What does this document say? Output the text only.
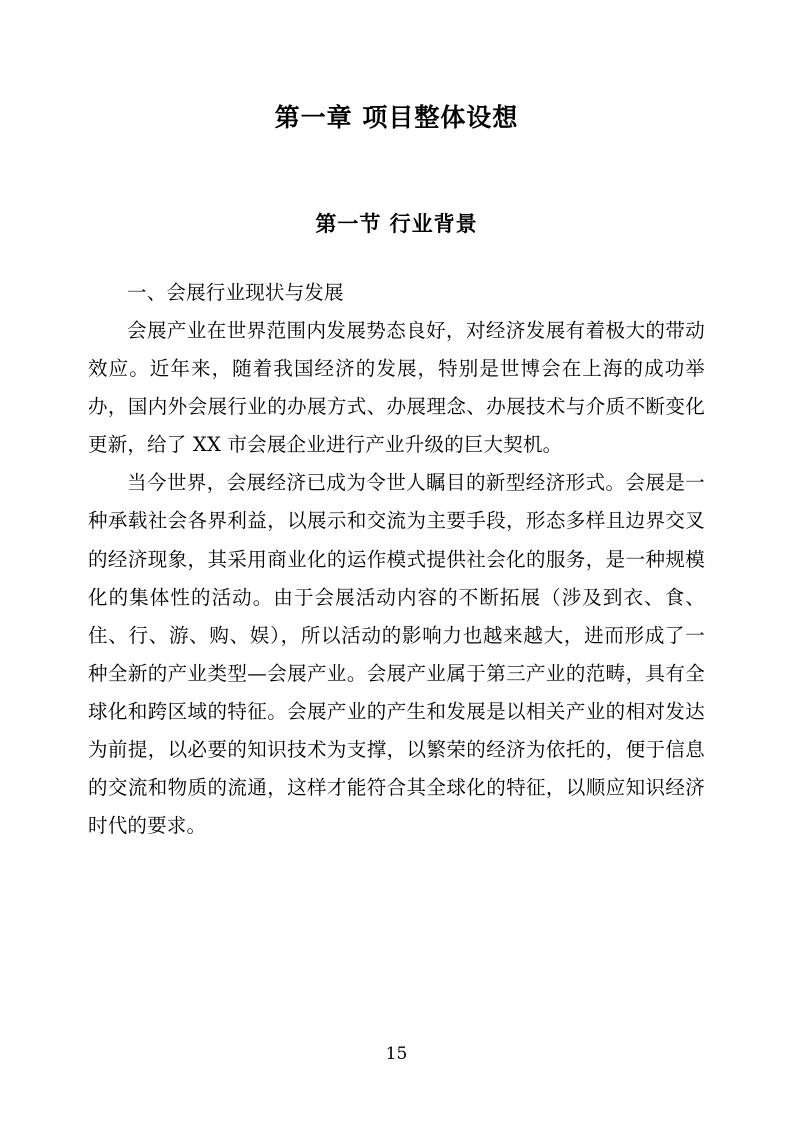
第一章 项目整体设想
第一节 行业背景

一、会展行业现状与发展

会展产业在世界范围内发展势态良好，对经济发展有着极大的带动效应。近年来，随着我国经济的发展，特别是世博会在上海的成功举办，国内外会展行业的办展方式、办展理念、办展技术与介质不断变化更新，给了 XX 市会展企业进行产业升级的巨大契机。

当今世界，会展经济已成为令世人瞩目的新型经济形式。会展是一种承载社会各界利益，以展示和交流为主要手段，形态多样且边界交叉的经济现象，其采用商业化的运作模式提供社会化的服务，是一种规模化的集体性的活动。由于会展活动内容的不断拓展（涉及到衣、食、住、行、游、购、娱），所以活动的影响力也越来越大，进而形成了一种全新的产业类型—会展产业。会展产业属于第三产业的范畴，具有全球化和跨区域的特征。会展产业的产生和发展是以相关产业的相对发达为前提，以必要的知识技术为支撑，以繁荣的经济为依托的，便于信息的交流和物质的流通，这样才能符合其全球化的特征，以顺应知识经济时代的要求。

15
